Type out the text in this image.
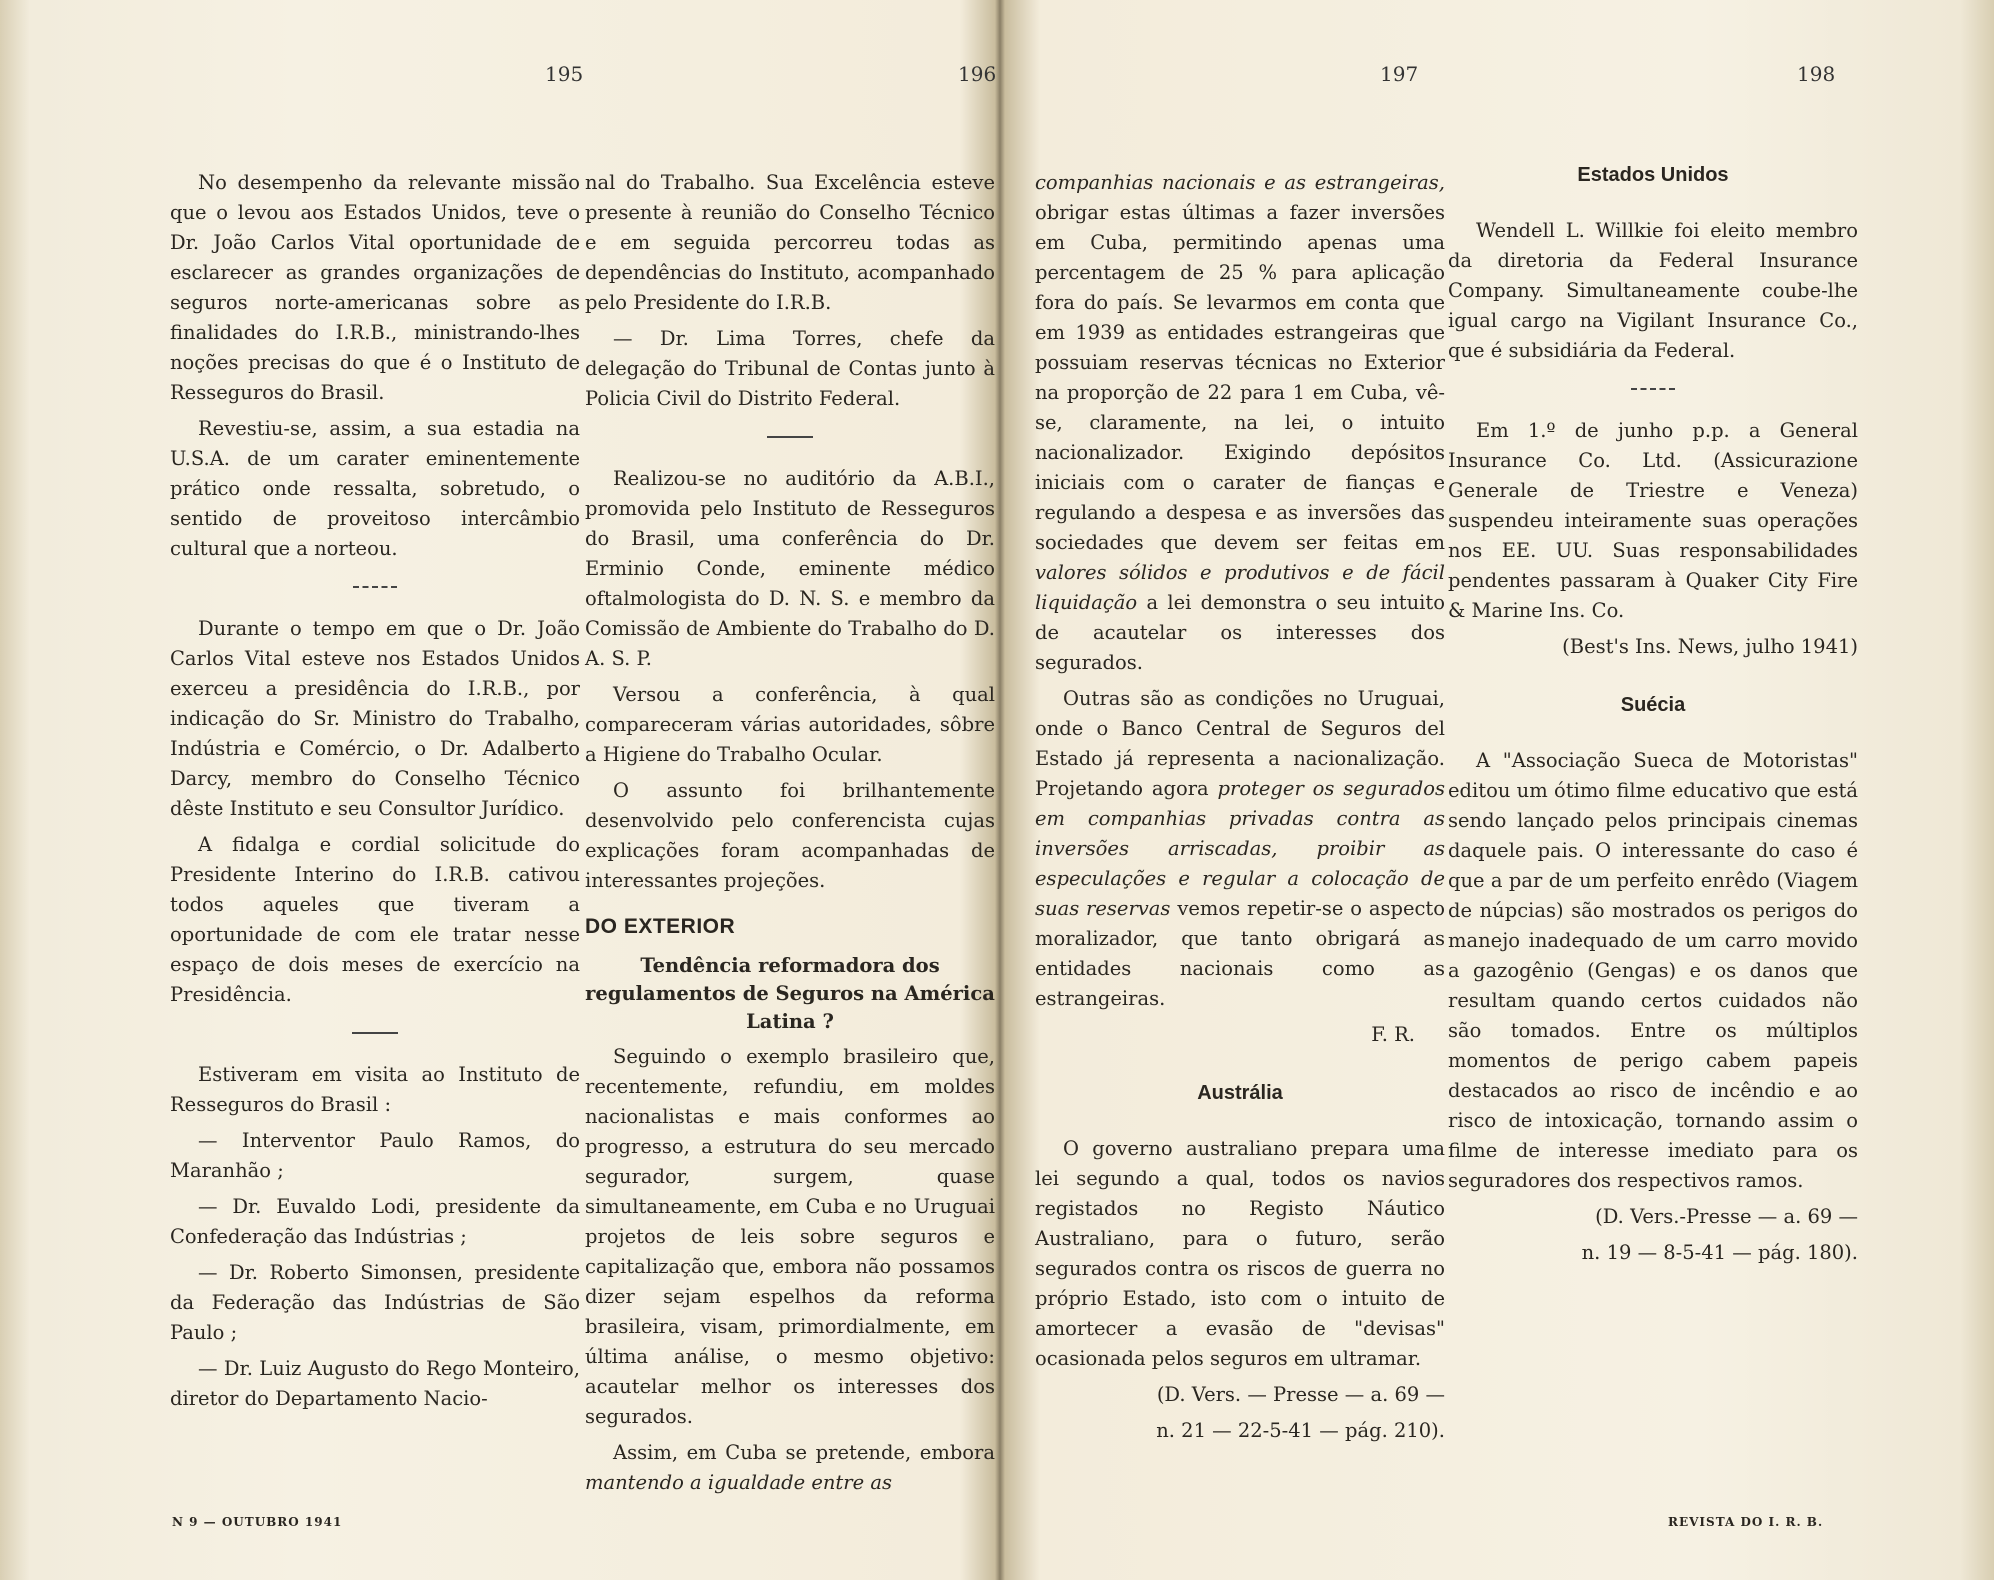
195	196	197	198

No desempenho da relevante missão que o levou aos Estados Unidos, teve o Dr. João Carlos Vital oportunidade de esclarecer as grandes organizações de seguros norte-americanas sobre as finalidades do I.R.B., ministrando-lhes noções precisas do que é o Instituto de Resseguros do Brasil.

Revestiu-se, assim, a sua estadia na U.S.A. de um carater eminentemente prático onde ressalta, sobretudo, o sentido de proveitoso intercâmbio cultural que a norteou.

Durante o tempo em que o Dr. João Carlos Vital esteve nos Estados Unidos exerceu a presidência do I.R.B., por indicação do Sr. Ministro do Trabalho, Indústria e Comércio, o Dr. Adalberto Darcy, membro do Conselho Técnico dêste Instituto e seu Consultor Jurídico.

A fidalga e cordial solicitude do Presidente Interino do I.R.B. cativou todos aqueles que tiveram a oportunidade de com ele tratar nesse espaço de dois meses de exercício na Presidência.

Estiveram em visita ao Instituto de Resseguros do Brasil :

— Interventor Paulo Ramos, do Maranhão ;

— Dr. Euvaldo Lodi, presidente da Confederação das Indústrias ;

— Dr. Roberto Simonsen, presidente da Federação das Indústrias de São Paulo ;

— Dr. Luiz Augusto do Rego Monteiro, diretor do Departamento Nacio-

nal do Trabalho. Sua Excelência esteve presente à reunião do Conselho Técnico e em seguida percorreu todas as dependências do Instituto, acompanhado pelo Presidente do I.R.B.

— Dr. Lima Torres, chefe da delegação do Tribunal de Contas junto à Policia Civil do Distrito Federal.

Realizou-se no auditório da A.B.I., promovida pelo Instituto de Resseguros do Brasil, uma conferência do Dr. Erminio Conde, eminente médico oftalmologista do D. N. S. e membro da Comissão de Ambiente do Trabalho do D. A. S. P.

Versou a conferência, à qual compareceram várias autoridades, sôbre a Higiene do Trabalho Ocular.

O assunto foi brilhantemente desenvolvido pelo conferencista cujas explicações foram acompanhadas de interessantes projeções.

DO EXTERIOR
Tendência reformadora dos regulamentos de Seguros na América Latina ?

Seguindo o exemplo brasileiro que, recentemente, refundiu, em moldes nacionalistas e mais conformes ao progresso, a estrutura do seu mercado segurador, surgem, quase simultaneamente, em Cuba e no Uruguai projetos de leis sobre seguros e capitalização que, embora não possamos dizer sejam espelhos da reforma brasileira, visam, primordialmente, em última análise, o mesmo objetivo: acautelar melhor os interesses dos segurados.

Assim, em Cuba se pretende, embora mantendo a igualdade entre as

companhias nacionais e as estrangeiras, obrigar estas últimas a fazer inversões em Cuba, permitindo apenas uma percentagem de 25 % para aplicação fora do país. Se levarmos em conta que em 1939 as entidades estrangeiras que possuiam reservas técnicas no Exterior na proporção de 22 para 1 em Cuba, vê-se, claramente, na lei, o intuito nacionalizador. Exigindo depósitos iniciais com o carater de fianças e regulando a despesa e as inversões das sociedades que devem ser feitas em valores sólidos e produtivos e de fácil liquidação a lei demonstra o seu intuito de acautelar os interesses dos segurados.

Outras são as condições no Uruguai, onde o Banco Central de Seguros del Estado já representa a nacionalização. Projetando agora proteger os segurados em companhias privadas contra as inversões arriscadas, proibir as especulações e regular a colocação de suas reservas vemos repetir-se o aspecto moralizador, que tanto obrigará as entidades nacionais como as estrangeiras.

F. R.

Austrália

O governo australiano prepara uma lei segundo a qual, todos os navios registados no Registo Náutico Australiano, para o futuro, serão segurados contra os riscos de guerra no próprio Estado, isto com o intuito de amortecer a evasão de "devisas" ocasionada pelos seguros em ultramar.

(D. Vers. — Presse — a. 69 —

n. 21 — 22-5-41 — pág. 210).

Estados Unidos

Wendell L. Willkie foi eleito membro da diretoria da Federal Insurance Company. Simultaneamente coube-lhe igual cargo na Vigilant Insurance Co., que é subsidiária da Federal.

Em 1.º de junho p.p. a General Insurance Co. Ltd. (Assicurazione Generale de Triestre e Veneza) suspendeu inteiramente suas operações nos EE. UU. Suas responsabilidades pendentes passaram à Quaker City Fire & Marine Ins. Co.

(Best's Ins. News, julho 1941)

Suécia

A "Associação Sueca de Motoristas" editou um ótimo filme educativo que está sendo lançado pelos principais cinemas daquele pais. O interessante do caso é que a par de um perfeito enrêdo (Viagem de núpcias) são mostrados os perigos do manejo inadequado de um carro movido a gazogênio (Gengas) e os danos que resultam quando certos cuidados não são tomados. Entre os múltiplos momentos de perigo cabem papeis destacados ao risco de incêndio e ao risco de intoxicação, tornando assim o filme de interesse imediato para os seguradores dos respectivos ramos.

(D. Vers.-Presse — a. 69 —

n. 19 — 8-5-41 — pág. 180).

N 9 — OUTUBRO 1941	REVISTA DO I. R. B.
